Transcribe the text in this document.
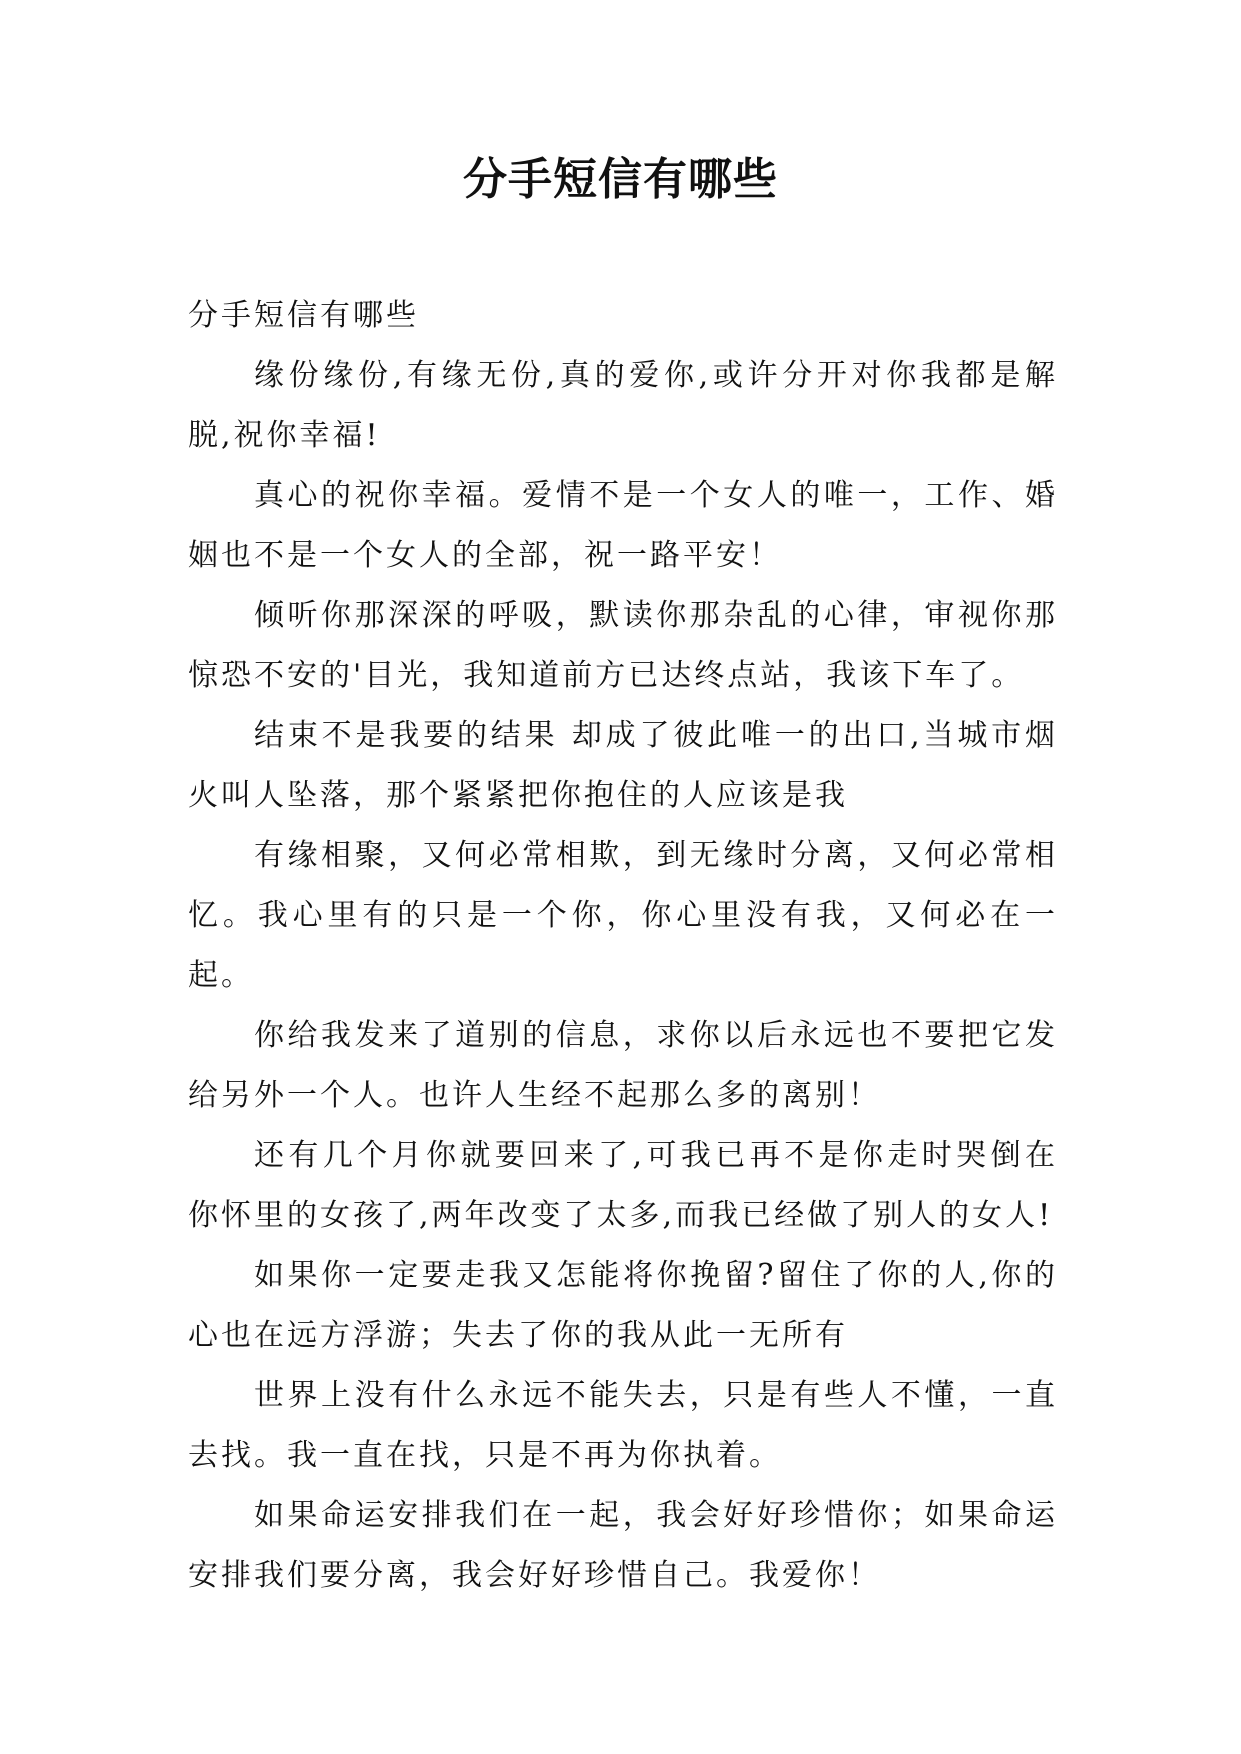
分手短信有哪些

分手短信有哪些

缘份缘份,有缘无份,真的爱你,或许分开对你我都是解脱,祝你幸福!

真心的祝你幸福。爱情不是一个女人的唯一，工作、婚姻也不是一个女人的全部，祝一路平安！

倾听你那深深的呼吸，默读你那杂乱的心律，审视你那惊恐不安的'目光，我知道前方已达终点站，我该下车了。

结束不是我要的结果 却成了彼此唯一的出口,当城市烟火叫人坠落，那个紧紧把你抱住的人应该是我

有缘相聚，又何必常相欺，到无缘时分离，又何必常相忆。我心里有的只是一个你，你心里没有我，又何必在一起。

你给我发来了道别的信息，求你以后永远也不要把它发给另外一个人。也许人生经不起那么多的离别！

还有几个月你就要回来了,可我已再不是你走时哭倒在你怀里的女孩了,两年改变了太多,而我已经做了别人的女人!

如果你一定要走我又怎能将你挽留?留住了你的人,你的心也在远方浮游；失去了你的我从此一无所有

世界上没有什么永远不能失去，只是有些人不懂，一直去找。我一直在找，只是不再为你执着。

如果命运安排我们在一起，我会好好珍惜你；如果命运安排我们要分离，我会好好珍惜自己。我爱你！
